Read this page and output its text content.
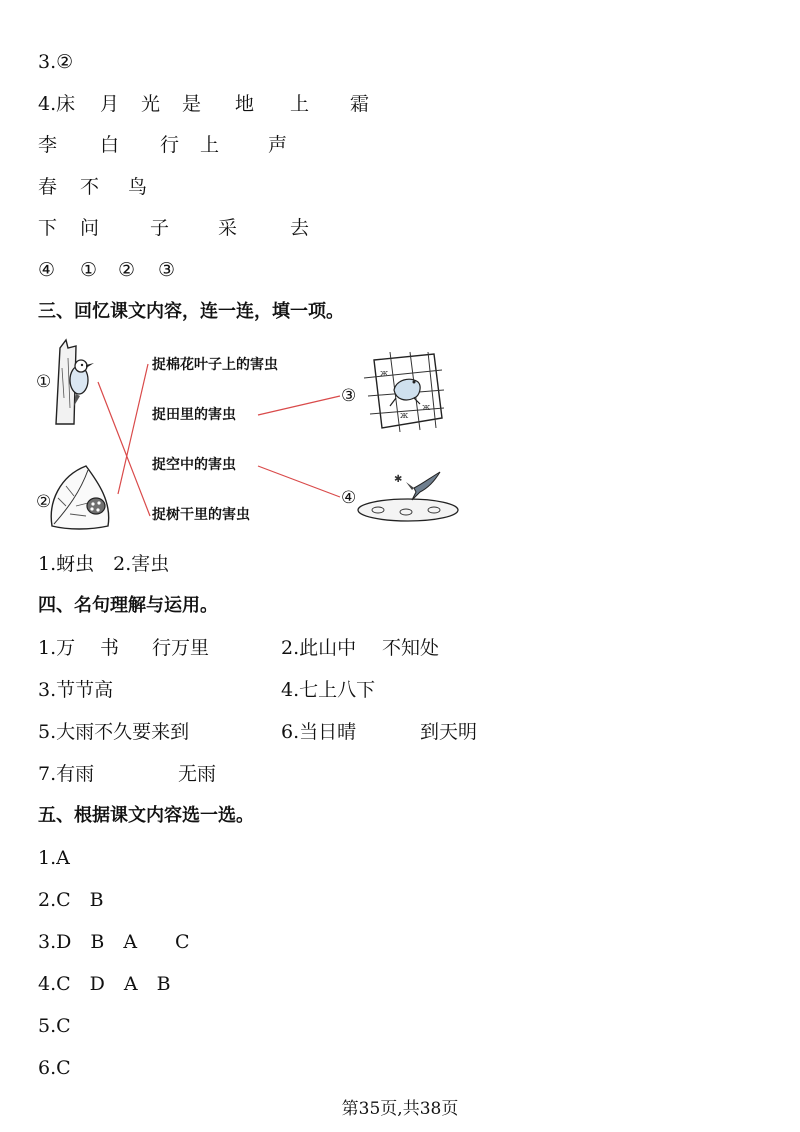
3.②
4.床 月 光 是 地 上 霜
李 白 行 上	声
春 不 鸟
下 问	子	采	去
④ ① ② ③
三、回忆课文内容，连一连，填一项。
①
②
③
④
ж
ж
ж
✱
捉棉花叶子上的害虫
捉田里的害虫
捉空中的害虫
捉树干里的害虫
1.蚜虫　2.害虫
四、名句理解与运用。
1.万 书 行万里	2.此山中 不知处
3.节节高	4.七上八下
5.大雨不久要来到	6.当日晴	到天明
7.有雨	无雨
五、根据课文内容选一选。
1.A
2.C　B
3.D　B　A　　C
4.C　D　A　B
5.C
6.C
第35页,共38页
